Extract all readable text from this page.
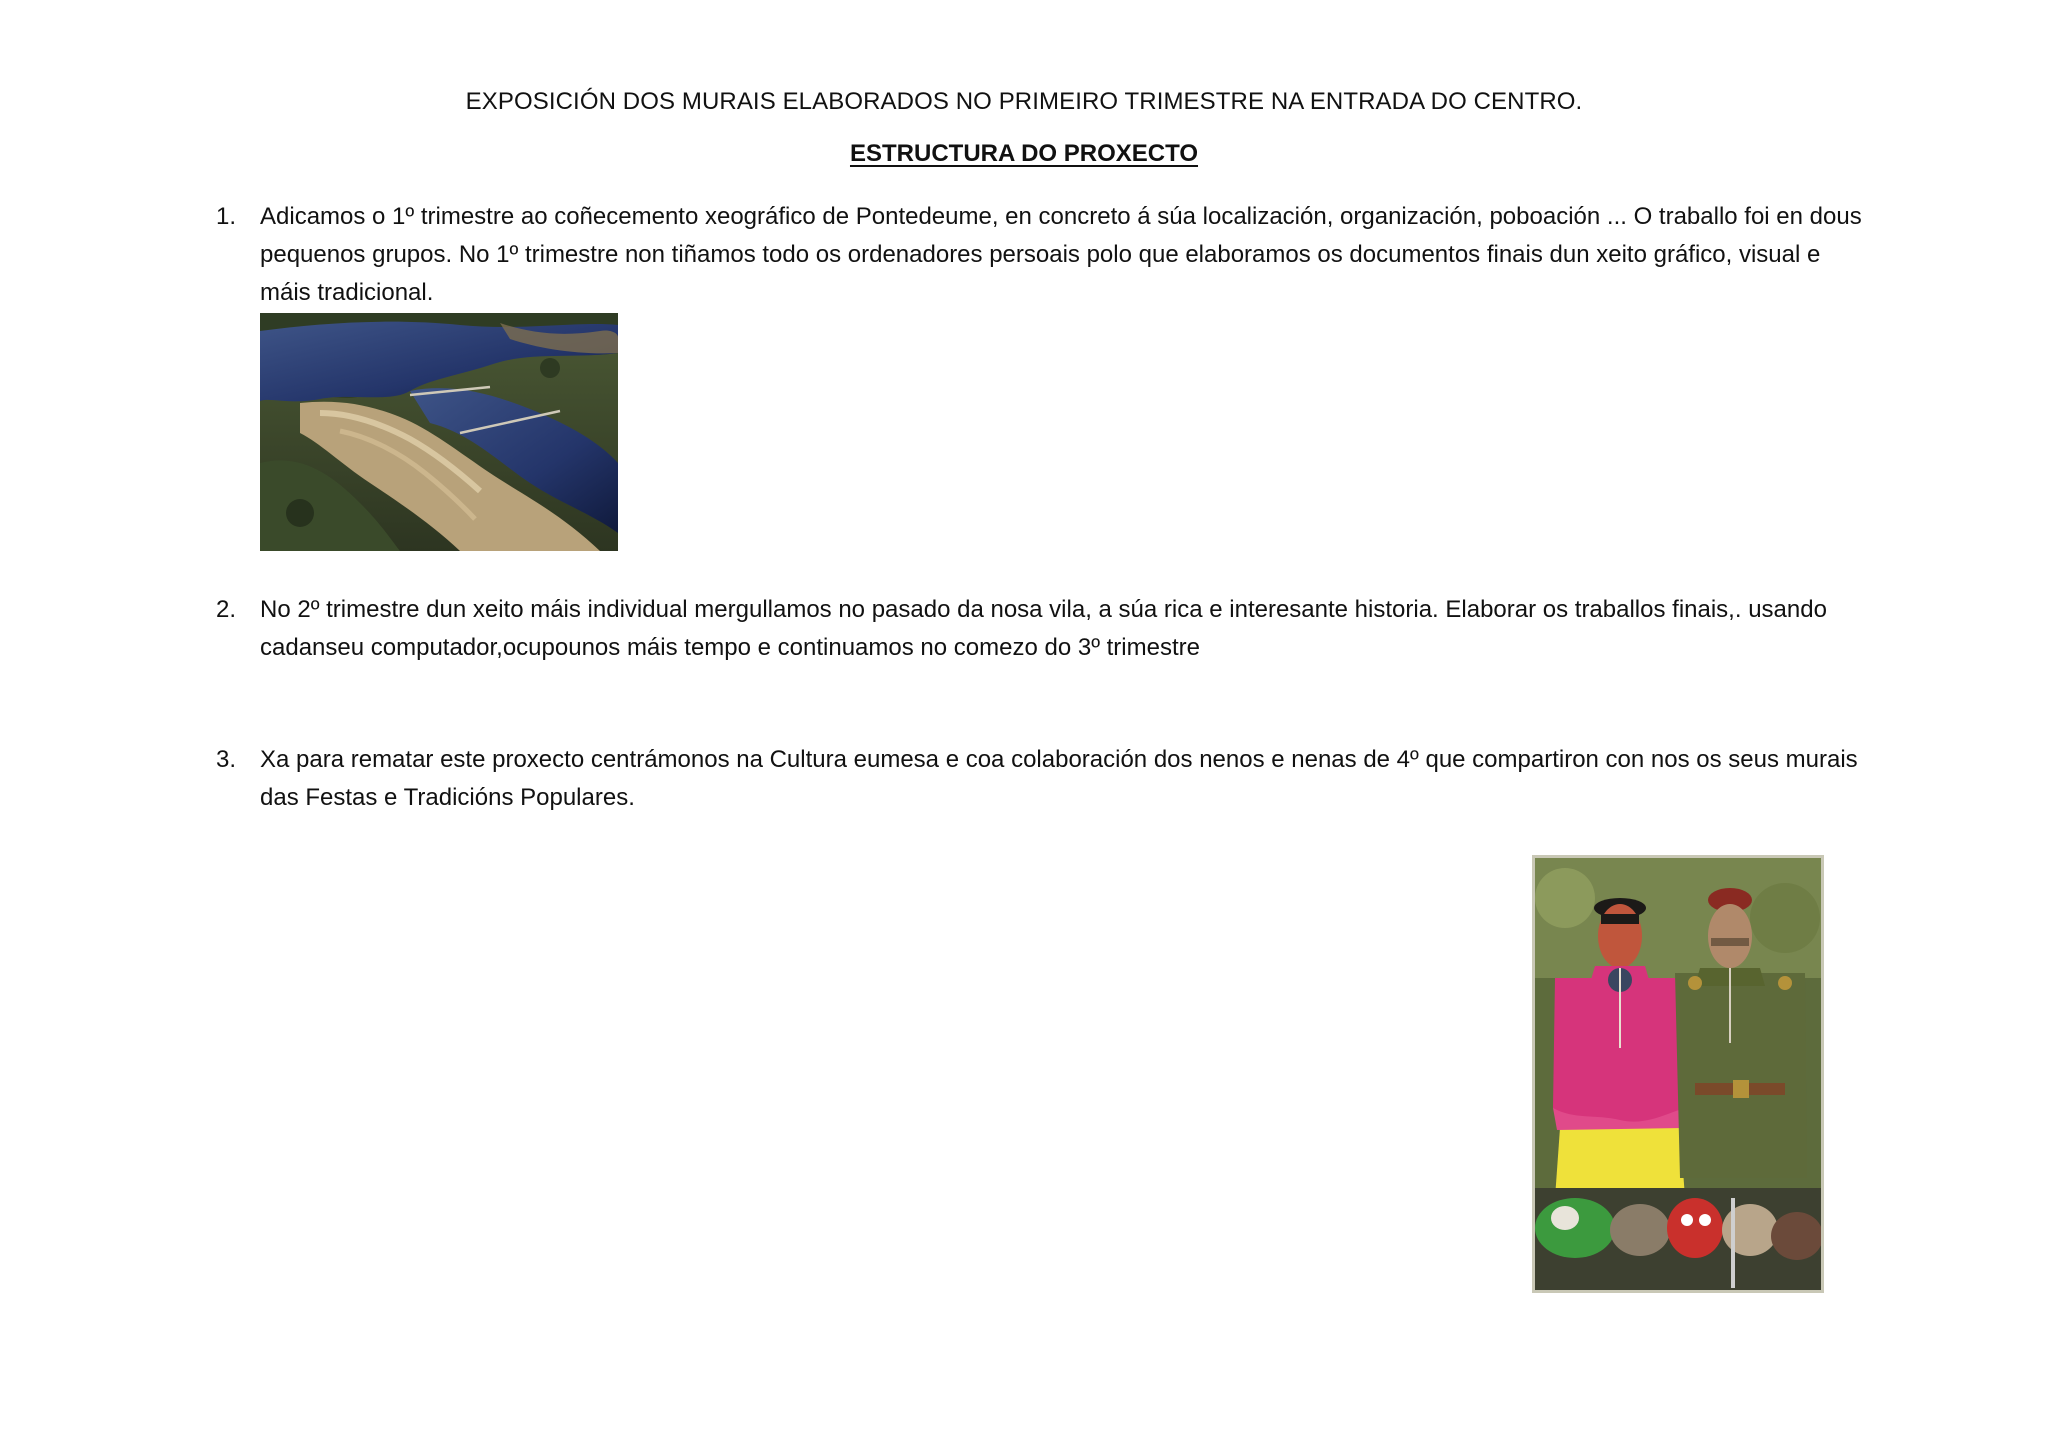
EXPOSICIÓN DOS MURAIS ELABORADOS NO PRIMEIRO TRIMESTRE NA ENTRADA DO CENTRO.
ESTRUCTURA DO PROXECTO
1. Adicamos o 1º trimestre ao coñecemento xeográfico de Pontedeume, en concreto á súa localización, organización, poboación ... O traballo foi en dous pequenos grupos. No 1º trimestre non tiñamos todo os ordenadores persoais polo que elaboramos os documentos finais dun xeito gráfico, visual e máis tradicional.
2. No 2º trimestre dun xeito máis individual mergullamos no pasado da nosa vila, a súa rica e interesante historia. Elaborar os traballos finais,. usando cadanseu computador,ocupounos máis tempo e continuamos no comezo do 3º trimestre
3. Xa para rematar este proxecto centrámonos na Cultura eumesa e coa colaboración dos nenos e nenas de 4º que compartiron con nos os seus murais das Festas e Tradicións Populares.
